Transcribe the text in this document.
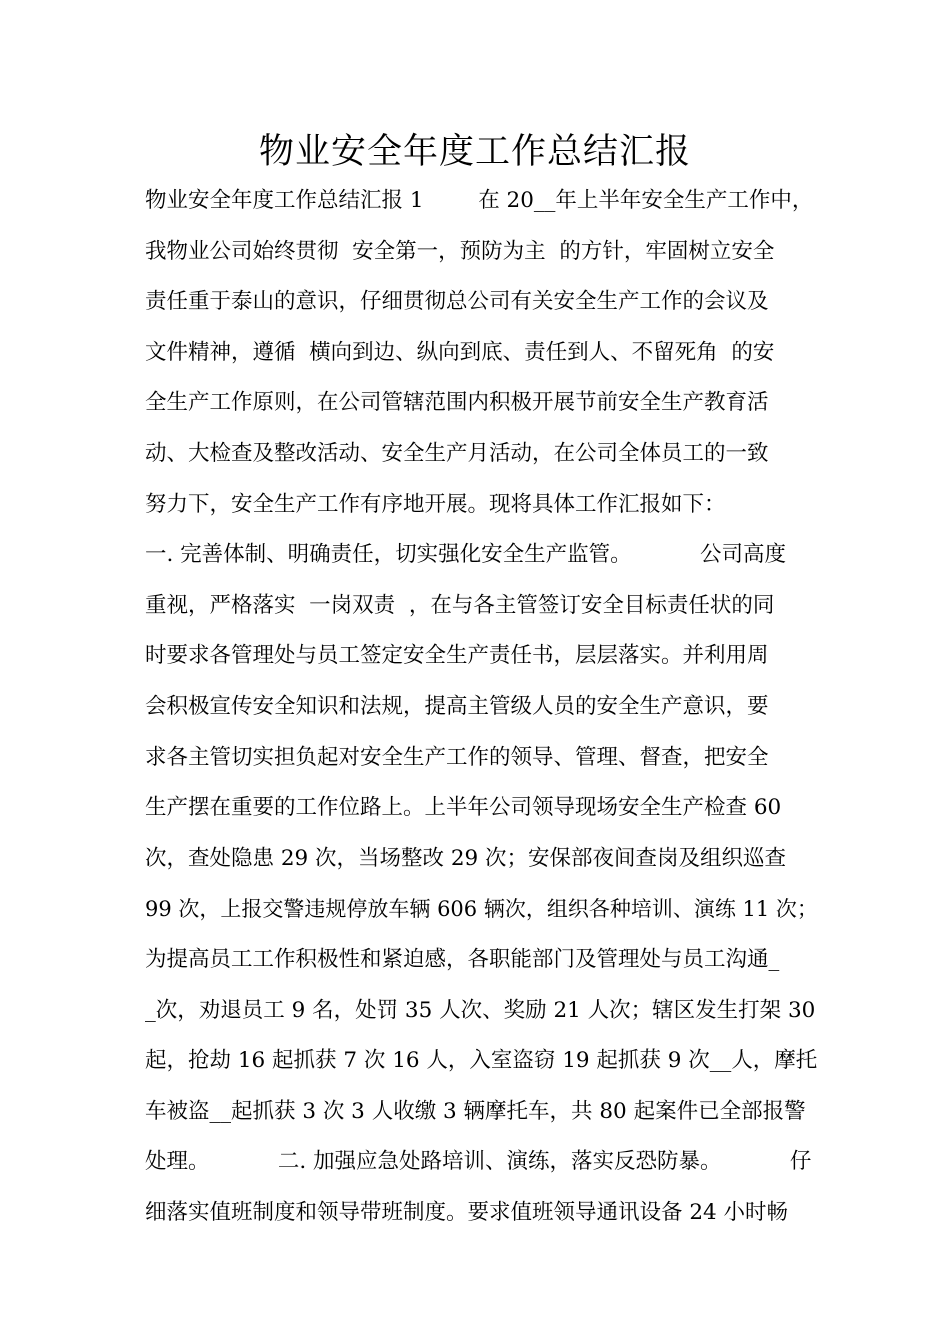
物业安全年度工作总结汇报
物业安全年度工作总结汇报 1        在 20__年上半年安全生产工作中，
我物业公司始终贯彻  安全第一，预防为主  的方针，牢固树立安全
责任重于泰山的意识，仔细贯彻总公司有关安全生产工作的会议及
文件精神，遵循  横向到边、纵向到底、责任到人、不留死角  的安
全生产工作原则，在公司管辖范围内积极开展节前安全生产教育活
动、大检查及整改活动、安全生产月活动，在公司全体员工的一致
努力下，安全生产工作有序地开展。现将具体工作汇报如下：
一. 完善体制、明确责任，切实强化安全生产监管。          公司高度
重视，严格落实  一岗双责  ，在与各主管签订安全目标责任状的同
时要求各管理处与员工签定安全生产责任书，层层落实。并利用周
会积极宣传安全知识和法规，提高主管级人员的安全生产意识，要
求各主管切实担负起对安全生产工作的领导、管理、督查，把安全
生产摆在重要的工作位路上。上半年公司领导现场安全生产检查 60
次，查处隐患 29 次，当场整改 29 次；安保部夜间查岗及组织巡查
99 次，上报交警违规停放车辆 606 辆次，组织各种培训、演练 11 次；
为提高员工工作积极性和紧迫感，各职能部门及管理处与员工沟通_
_次，劝退员工 9 名，处罚 35 人次、奖励 21 人次；辖区发生打架 30
起，抢劫 16 起抓获 7 次 16 人，入室盗窃 19 起抓获 9 次__人，摩托
车被盗__起抓获 3 次 3 人收缴 3 辆摩托车，共 80 起案件已全部报警
处理。          二. 加强应急处路培训、演练，落实反恐防暴。          仔
细落实值班制度和领导带班制度。要求值班领导通讯设备 24 小时畅
